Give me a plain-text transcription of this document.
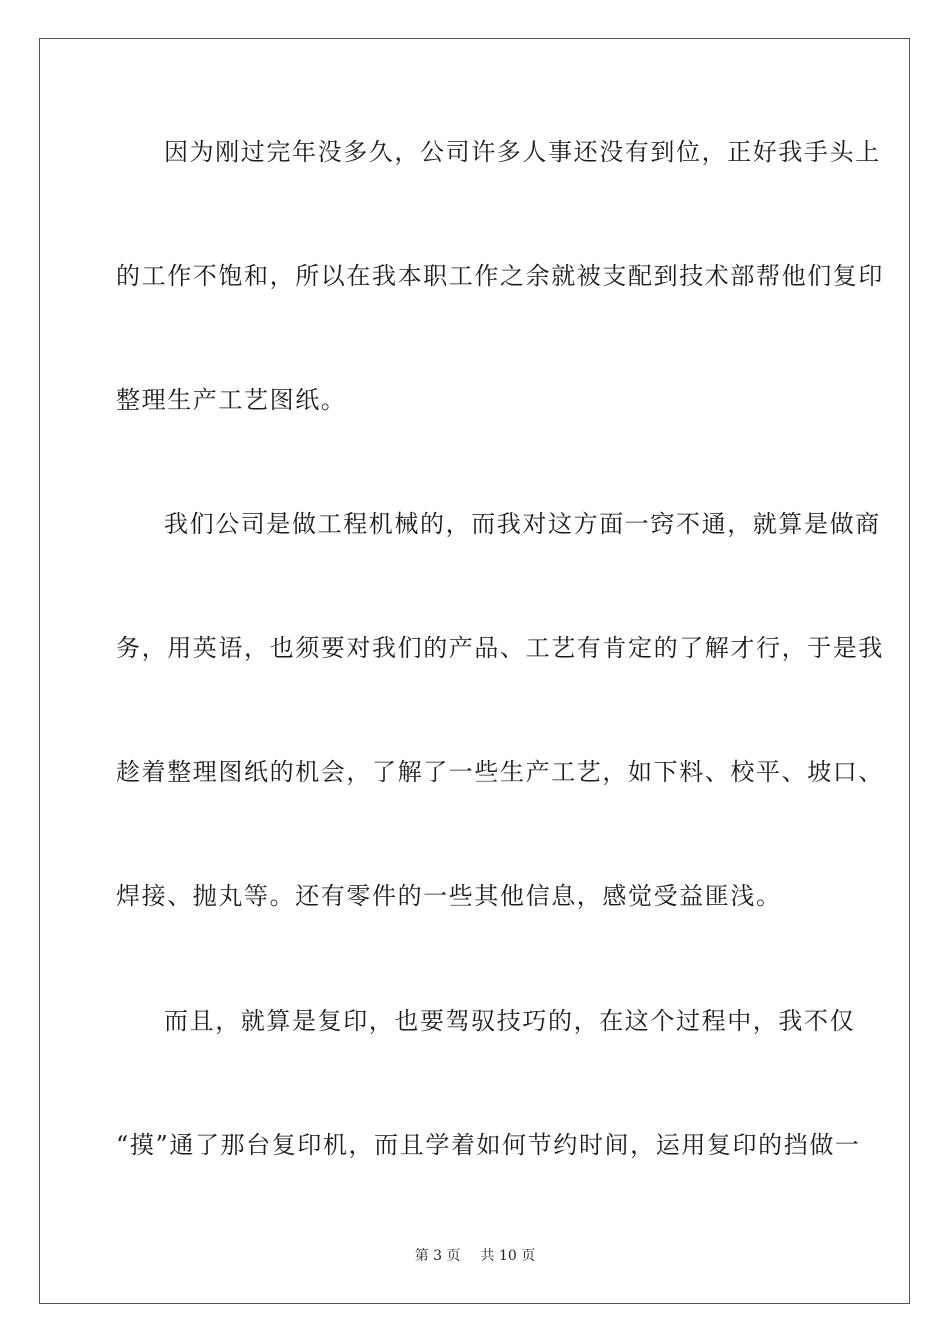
因为刚过完年没多久，公司许多人事还没有到位，正好我手头上
的工作不饱和，所以在我本职工作之余就被支配到技术部帮他们复印
整理生产工艺图纸。
我们公司是做工程机械的，而我对这方面一窍不通，就算是做商
务，用英语，也须要对我们的产品、工艺有肯定的了解才行，于是我
趁着整理图纸的机会，了解了一些生产工艺，如下料、校平、坡口、
焊接、抛丸等。还有零件的一些其他信息，感觉受益匪浅。
而且，就算是复印，也要驾驭技巧的，在这个过程中，我不仅
“摸”通了那台复印机，而且学着如何节约时间，运用复印的挡做一
第 3 页 共 10 页
